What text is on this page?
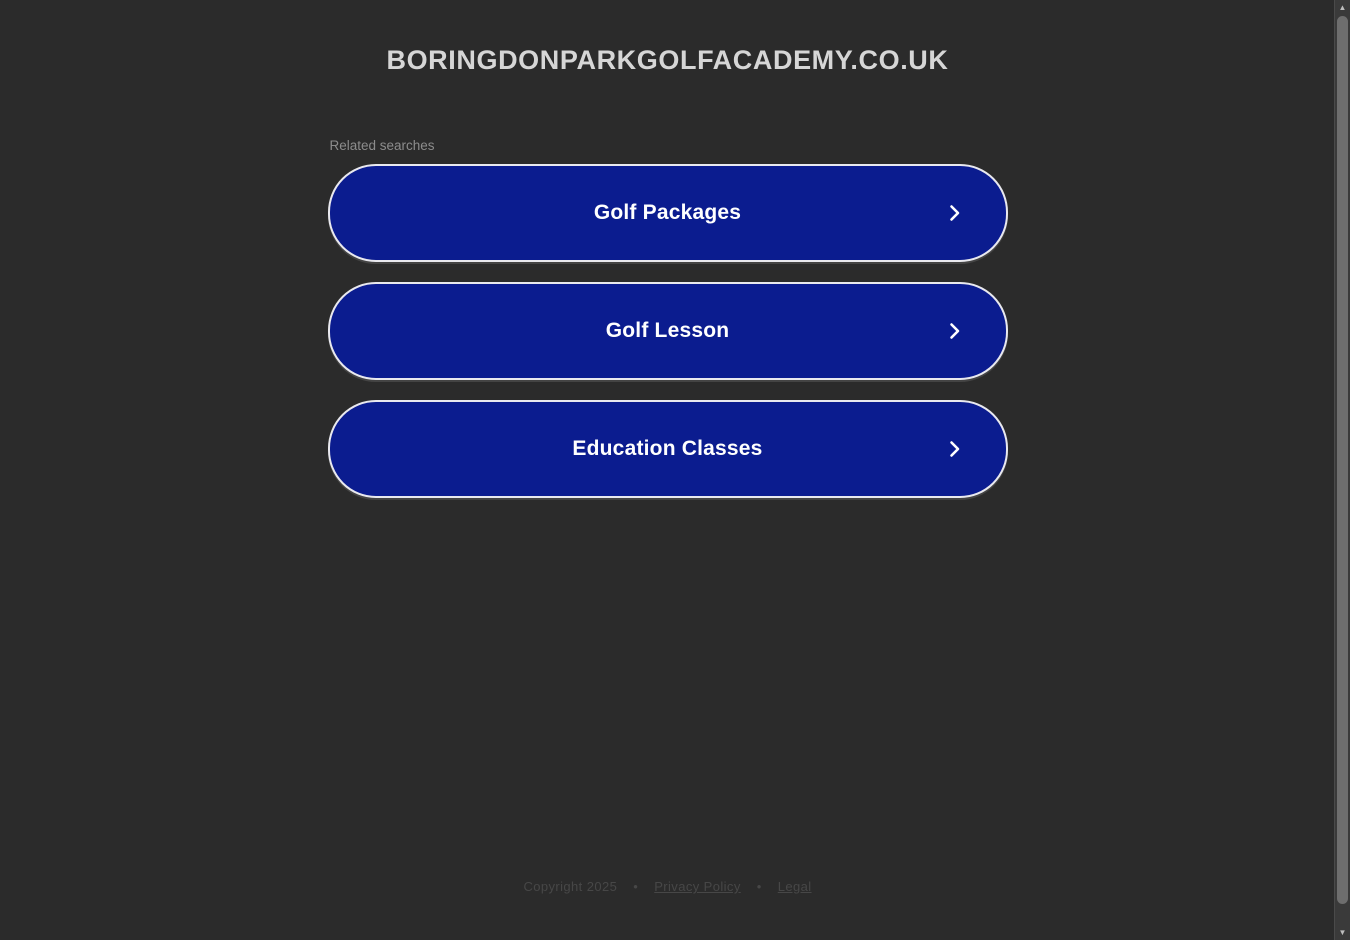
BORINGDONPARKGOLFACADEMY.CO.UK
Related searches
Golf Packages
Golf Lesson
Education Classes
Copyright 2025 • Privacy Policy • Legal
▲
▼
